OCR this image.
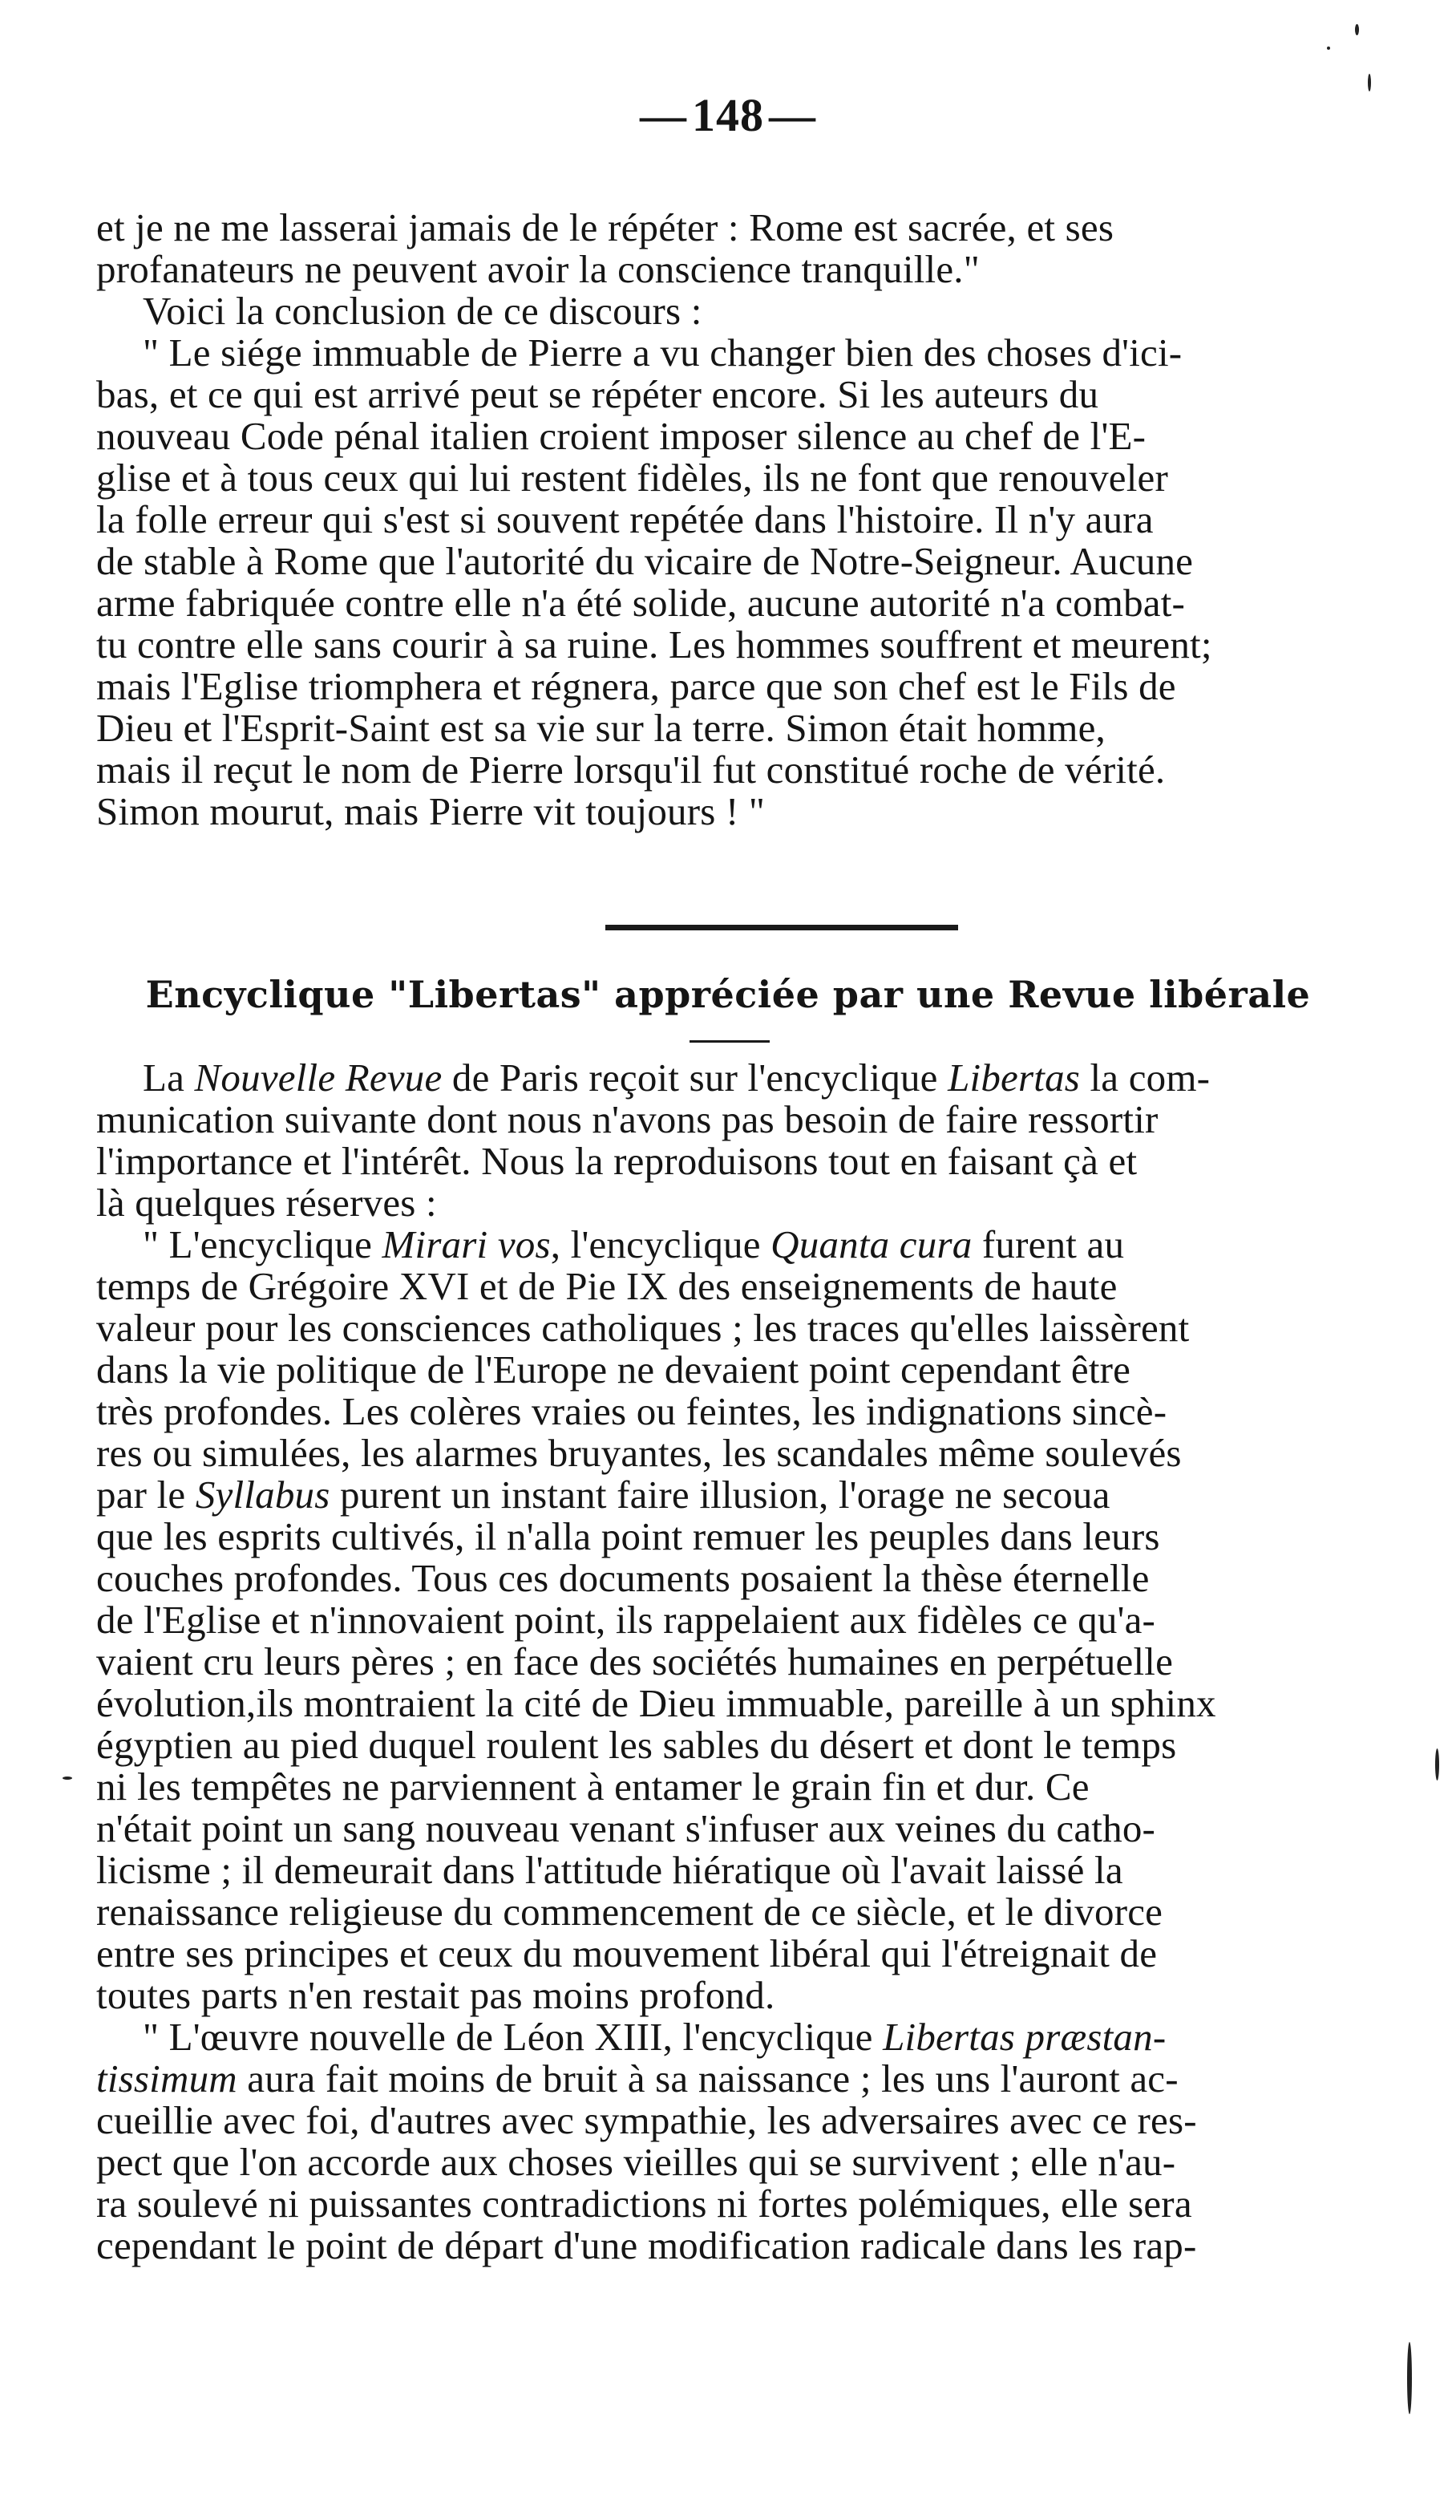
— 148 —
et je ne me lasserai jamais de le répéter : Rome est sacrée, et ses
profanateurs ne peuvent avoir la conscience tranquille."
Voici la conclusion de ce discours :
" Le siége immuable de Pierre a vu changer bien des choses d'ici-
bas, et ce qui est arrivé peut se répéter encore. Si les auteurs du
nouveau Code pénal italien croient imposer silence au chef de l'E-
glise et à tous ceux qui lui restent fidèles, ils ne font que renouveler
la folle erreur qui s'est si souvent repétée dans l'histoire. Il n'y aura
de stable à Rome que l'autorité du vicaire de Notre-Seigneur. Aucune
arme fabriquée contre elle n'a été solide, aucune autorité n'a combat-
tu contre elle sans courir à sa ruine. Les hommes souffrent et meurent;
mais l'Eglise triomphera et régnera, parce que son chef est le Fils de
Dieu et l'Esprit-Saint est sa vie sur la terre. Simon était homme,
mais il reçut le nom de Pierre lorsqu'il fut constitué roche de vérité.
Simon mourut, mais Pierre vit toujours ! "
Encyclique "Libertas" appréciée par une Revue libérale
La Nouvelle Revue de Paris reçoit sur l'encyclique Libertas la com-
munication suivante dont nous n'avons pas besoin de faire ressortir
l'importance et l'intérêt. Nous la reproduisons tout en faisant çà et
là quelques réserves :
" L'encyclique Mirari vos, l'encyclique Quanta cura furent au
temps de Grégoire XVI et de Pie IX des enseignements de haute
valeur pour les consciences catholiques ; les traces qu'elles laissèrent
dans la vie politique de l'Europe ne devaient point cependant être
très profondes. Les colères vraies ou feintes, les indignations sincè-
res ou simulées, les alarmes bruyantes, les scandales même soulevés
par le Syllabus purent un instant faire illusion, l'orage ne secoua
que les esprits cultivés, il n'alla point remuer les peuples dans leurs
couches profondes. Tous ces documents posaient la thèse éternelle
de l'Eglise et n'innovaient point, ils rappelaient aux fidèles ce qu'a-
vaient cru leurs pères ; en face des sociétés humaines en perpétuelle
évolution,ils montraient la cité de Dieu immuable, pareille à un sphinx
égyptien au pied duquel roulent les sables du désert et dont le temps
ni les tempêtes ne parviennent à entamer le grain fin et dur. Ce
n'était point un sang nouveau venant s'infuser aux veines du catho-
licisme ; il demeurait dans l'attitude hiératique où l'avait laissé la
renaissance religieuse du commencement de ce siècle, et le divorce
entre ses principes et ceux du mouvement libéral qui l'étreignait de
toutes parts n'en restait pas moins profond.
" L'œuvre nouvelle de Léon XIII, l'encyclique Libertas præstan-
tissimum aura fait moins de bruit à sa naissance ; les uns l'auront ac-
cueillie avec foi, d'autres avec sympathie, les adversaires avec ce res-
pect que l'on accorde aux choses vieilles qui se survivent ; elle n'au-
ra soulevé ni puissantes contradictions ni fortes polémiques, elle sera
cependant le point de départ d'une modification radicale dans les rap-
